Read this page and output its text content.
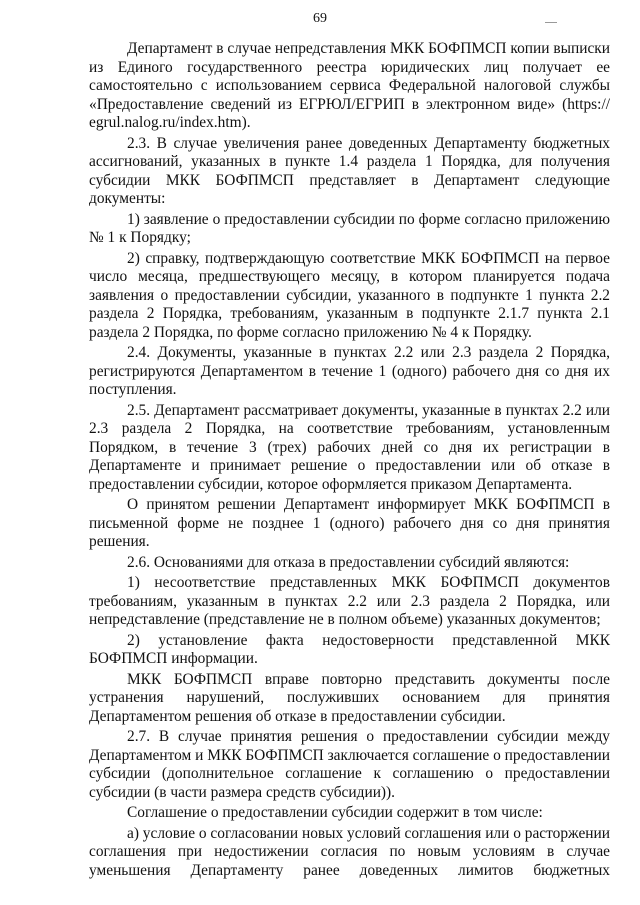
69

Департамент в случае непредставления МКК БОФПМСП копии выписки из Единого государственного реестра юридических лиц получает ее самостоятельно с использованием сервиса Федеральной налоговой службы «Предоставление сведений из ЕГРЮЛ/ЕГРИП в электронном виде» (https:// egrul.nalog.ru/index.htm).

2.3. В случае увеличения ранее доведенных Департаменту бюджетных ассигнований, указанных в пункте 1.4 раздела 1 Порядка, для получения субсидии МКК БОФПМСП представляет в Департамент следующие документы:

1) заявление о предоставлении субсидии по форме согласно приложению № 1 к Порядку;

2) справку, подтверждающую соответствие МКК БОФПМСП на первое число месяца, предшествующего месяцу, в котором планируется подача заявления о предоставлении субсидии, указанного в подпункте 1 пункта 2.2 раздела 2 Порядка, требованиям, указанным в подпункте 2.1.7 пункта 2.1 раздела 2 Порядка, по форме согласно приложению № 4 к Порядку.

2.4. Документы, указанные в пунктах 2.2 или 2.3 раздела 2 Порядка, регистрируются Департаментом в течение 1 (одного) рабочего дня со дня их поступления.

2.5. Департамент рассматривает документы, указанные в пунктах 2.2 или 2.3 раздела 2 Порядка, на соответствие требованиям, установленным Порядком, в течение 3 (трех) рабочих дней со дня их регистрации в Департаменте и принимает решение о предоставлении или об отказе в предоставлении субсидии, которое оформляется приказом Департамента.

О принятом решении Департамент информирует МКК БОФПМСП в письменной форме не позднее 1 (одного) рабочего дня со дня принятия решения.

2.6. Основаниями для отказа в предоставлении субсидий являются:

1) несоответствие представленных МКК БОФПМСП документов требованиям, указанным в пунктах 2.2 или 2.3 раздела 2 Порядка, или непредставление (представление не в полном объеме) указанных документов;

2) установление факта недостоверности представленной МКК БОФПМСП информации.

МКК БОФПМСП вправе повторно представить документы после устранения нарушений, послуживших основанием для принятия Департаментом решения об отказе в предоставлении субсидии.

2.7. В случае принятия решения о предоставлении субсидии между Департаментом и МКК БОФПМСП заключается соглашение о предоставлении субсидии (дополнительное соглашение к соглашению о предоставлении субсидии (в части размера средств субсидии)).

Соглашение о предоставлении субсидии содержит в том числе:

а) условие о согласовании новых условий соглашения или о расторжении соглашения при недостижении согласия по новым условиям в случае уменьшения Департаменту ранее доведенных лимитов бюджетных
